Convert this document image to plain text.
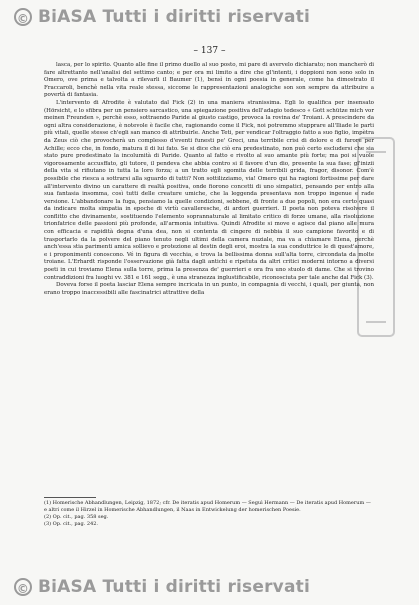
© BiASA Tutti i diritti riservati
– 137 –

lasca, per lo spirito. Quanto alle fine il primo duello al suo posto, mi pare di avervelo dichiarato; non mancherò di fare altrettanto nell'analisi del settimo canto; e per ora mi limito a dire che gl'intenti, i doppioni non sono solo in Omero, ove prima e talvolta a rilevarli il Baumer (1), bensì in ogni poesia in generale, come ha dimostrato il Fraccaroli, benchè nella vita reale stessa, siccome le rappresentazioni analogiche son son sempre da attribuire a povertà di fantasia.

L'intervento di Afrodite è valutato dal Fick (2) in una maniera stranissima. Egli lo qualifica per insensato (Hörsicht, e lo sfibra per un pensiero sarcastico, una spiegazione positiva dell'adagio tedesco « Gott schütze mich vor meinen Freunden », perchè esso, sottraendo Paride al giusto castigo, provoca la rovina de' Troiani. A prescindere da ogni altra considerazione, è notevole è facile che, ragionando come il Fick, noi potremmo stupprare all'Iliade le parti più vitali, quelle stesse ch'egli san manco di attribuirle. Anche Teti, per vendicar l'oltraggio fatto a suo figlio, impètra da Zeus ciò che provocherà un complesso d'eventi funesti pe' Greci, una terribile crisi di dolore e di furore per Achille; ecco che, in fondo, matura il di lui fato. Se si dice che ciò era predestinato, non può certo escludersi che sia stato pure predestinato la incolumità di Paride. Quanto al fatto e rivolto al suo amante più forte; ma poi si vuole vigorosamente accusffato, gli tutore, il pendeva che abbia contro si il favore d'un dio, presente la sua fase; gl'inizii della vita si rifiutano in tutta la loro forza; a un tratto egli sgomita delle terribili grida, fragor, disonor. Com'è possibile che riesca a sottrarsi alla sguardo di tutti? Non sottilizziamo, via! Omero qui ha ragioni fortissime per dare all'intervento divino un carattere di realtà positiva, onde fiorono concetti di uno simpatici, pensando per entro alla sua fantasia insomma, così tutti delle creature umiche, che la leggenda presentava non troppo ingenue e rade versione. L'abbandonare la fuga, pensiamo la quelle condizioni, sebbene, di fronte a due popoli, non era certo quasi da indicare molta simpatia in epoche di virtù cavalleresche, di ardori guerrieri. Il poeta non poteva risolvere il conflitto che divinamente, sostituendo l'elemento soprannaturale al limitato critico di forze umane, alla risoluzione trionfatrice delle passioni più profonde, all'armonia intuitiva. Quindi Afrodite si move e agisce dal piano alle mura con efficacia e rapidità degna d'una dea, non si contenta di cingere di nebbia il suo campione favorito e di trasportarlo da la polvere del piano tenuto negli ultimi della camera nuziale, ma va a chiamare Elena, perchè anch'essa stia parimenti amica sollievo e protezione al destin degli eroi, mostra la sua conduttrice le di quest'amore, e i proponimenti conoscono. Vé in figura di vecchia, e trova la bellissima donna sull'alta torre, circondata da molte troiane. L'Erhardt risponde l'osservazione già fatta dagli antichi e ripetuta da altri critici moderni intorno a diversi poeti in cui troviamo Elena sulla torre, prima la presenza de' guerrieri e ora fra uno stuolo di dame. Che si trovino contraddizioni fra luoghi vv. 381 e 161 segg., è una stranezza inglustificabile, riconosciuta per tale anche dal Fick (3).

Doveva forse il poeta lasciar Elena sempre incricata in un punto, in compagnia di vecchi, i quali, per giunta, non erano troppo inaccessibili alle fascinatrici attrattive della

(1) Homerische Abhandlungen, Leipzig, 1872; cfr. De iteratis apud Homerum — Seguì Hermann — De iteratis apud Homerum — e altri come il Hirzel in Homerische Abhandlungen, il Naas in Entwickelung der homerischen Poesie.
(2) Op. cit., pag. 358 seg.
(3) Op. cit., pag. 242.
© BiASA Tutti i diritti riservati
